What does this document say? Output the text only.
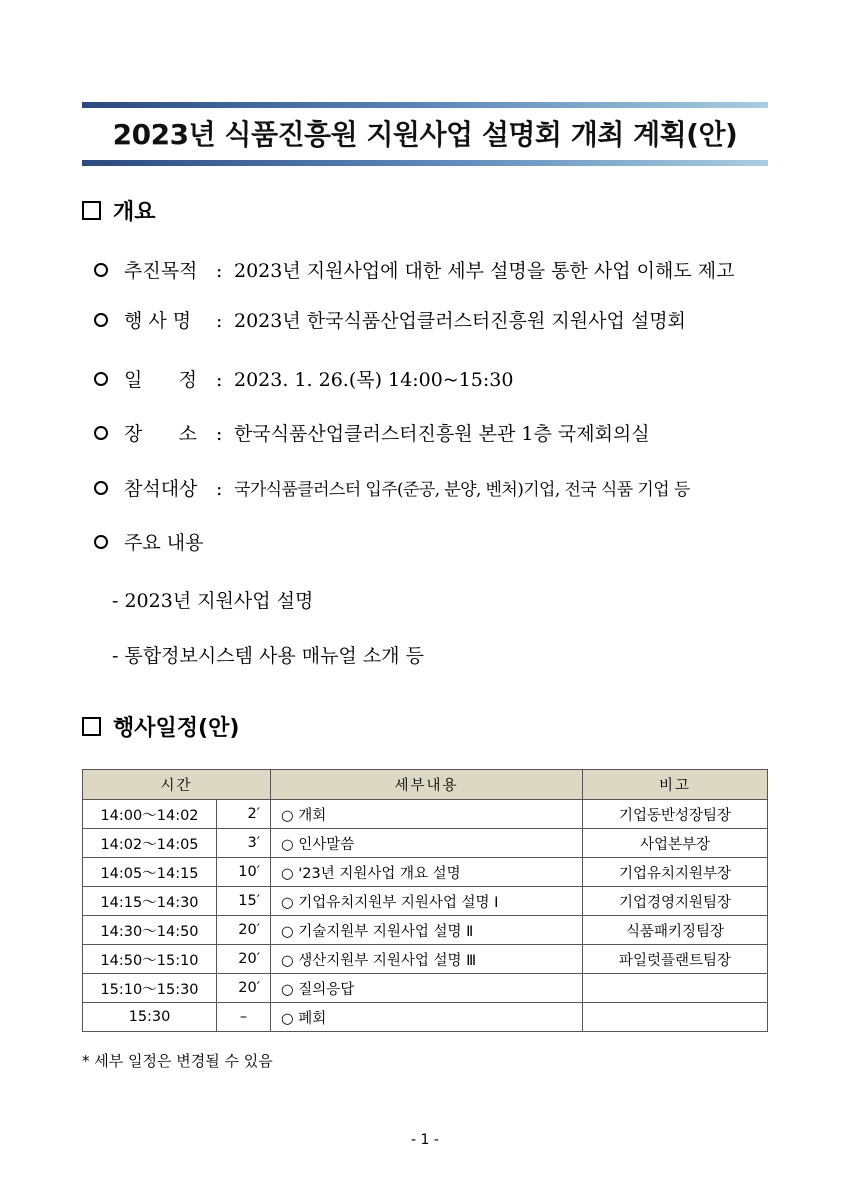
2023년 식품진흥원 지원사업 설명회 개최 계획(안)
개요
추진목적 : 2023년 지원사업에 대한 세부 설명을 통한 사업 이해도 제고
행 사 명 : 2023년 한국식품산업클러스터진흥원 지원사업 설명회
일      정 : 2023. 1. 26.(목) 14:00~15:30
장      소 : 한국식품산업클러스터진흥원 본관 1층 국제회의실
참석대상 : 국가식품클러스터 입주(준공, 분양, 벤처)기업, 전국 식품 기업 등
주요 내용
- 2023년 지원사업 설명
- 통합정보시스템 사용 매뉴얼 소개 등
행사일정(안)
시간		세부내용	비고
14:00～14:02	2′	○ 개회	기업동반성장팀장
14:02～14:05	3′	○ 인사말씀	사업본부장
14:05～14:15	10′	○ '23년 지원사업 개요 설명	기업유치지원부장
14:15～14:30	15′	○ 기업유치지원부 지원사업 설명 Ⅰ	기업경영지원팀장
14:30～14:50	20′	○ 기술지원부 지원사업 설명 Ⅱ	식품패키징팀장
14:50～15:10	20′	○ 생산지원부 지원사업 설명 Ⅲ	파일럿플랜트팀장
15:10～15:30	20′	○ 질의응답	
15:30	–	○ 폐회	
* 세부 일정은 변경될 수 있음
- 1 -
